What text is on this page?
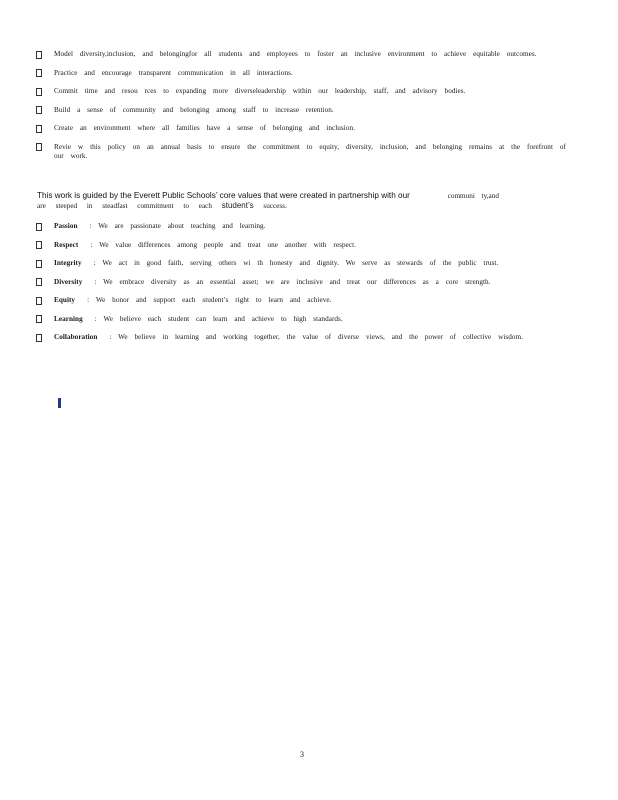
Model diversity,inclusion, and belongingfor all students and employees to foster an inclusive environment to achieve equitable outcomes.
Practice and encourage transparent communication in all interactions.
Commit time and resou rces to expanding more diverseleadership within our leadership, staff, and advisory bodies.
Build a sense of community and belonging among staff to increase retention.
Create an environment where all families have a sense of belonging and inclusion.
Revie w this policy on an annual basis to ensure the commitment to equity, diversity, inclusion, and belonging remains at the forefront of our work.
This work is guided by the Everett Public Schools’ core values that were created in partnership with our	communi ty,and
are steeped in steadfast commitment to each student’s success.
Passion : We are passionate about teaching and learning.
Respect : We value differences among people and treat one another with respect.
Integrity : We act in good faith, serving others wi th honesty and dignity. We serve as stewards of the public trust.
Diversity : We embrace diversity as an essential asset; we are inclusive and treat our differences as a core strength.
Equity : We honor and support each student’s right to learn and achieve.
Learning : We believe each student can learn and achieve to high standards.
Collaboration : We believe in learning and working together, the value of diverse views, and the power of collective wisdom.
3
